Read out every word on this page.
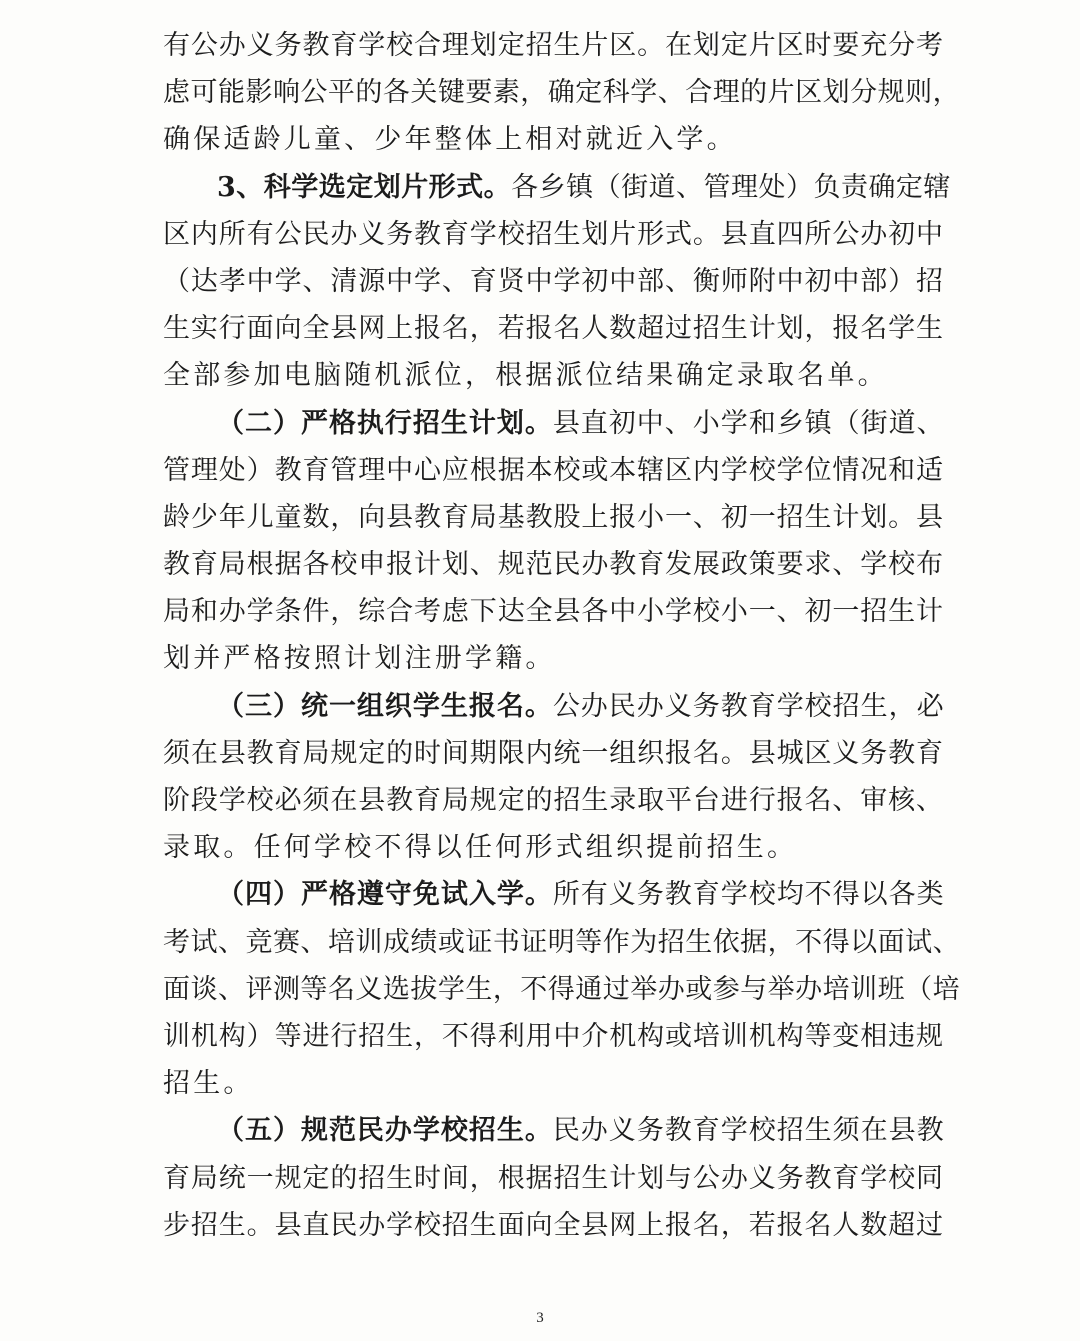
有 公 办 义 务 教 育 学 校 合 理 划 定 招 生 片 区 。 在 划 定 片 区 时 要 充 分 考
虑 可 能 影 响 公 平 的 各 关 键 要 素 ， 确 定 科 学 、 合 理 的 片 区 划 分 规 则 ，
确保适龄儿童、少年整体上相对就近入学。
3 、 科 学 选 定 划 片 形 式 。 各 乡 镇 （ 街 道 、 管 理 处 ） 负 责 确 定 辖
区 内 所 有 公 民 办 义 务 教 育 学 校 招 生 划 片 形 式 。 县 直 四 所 公 办 初 中
（ 达 孝 中 学 、 清 源 中 学 、 育 贤 中 学 初 中 部 、 衡 师 附 中 初 中 部 ） 招
生 实 行 面 向 全 县 网 上 报 名 ， 若 报 名 人 数 超 过 招 生 计 划 ， 报 名 学 生
全部参加电脑随机派位，根据派位结果确定录取名单。
（ 二 ） 严 格 执 行 招 生 计 划 。 县 直 初 中 、 小 学 和 乡 镇 （ 街 道 、
管 理 处 ） 教 育 管 理 中 心 应 根 据 本 校 或 本 辖 区 内 学 校 学 位 情 况 和 适
龄 少 年 儿 童 数 ， 向 县 教 育 局 基 教 股 上 报 小 一 、 初 一 招 生 计 划 。 县
教 育 局 根 据 各 校 申 报 计 划 、 规 范 民 办 教 育 发 展 政 策 要 求 、 学 校 布
局 和 办 学 条 件 ， 综 合 考 虑 下 达 全 县 各 中 小 学 校 小 一 、 初 一 招 生 计
划并严格按照计划注册学籍。
（ 三 ） 统 一 组 织 学 生 报 名 。 公 办 民 办 义 务 教 育 学 校 招 生 ， 必
须 在 县 教 育 局 规 定 的 时 间 期 限 内 统 一 组 织 报 名 。 县 城 区 义 务 教 育
阶 段 学 校 必 须 在 县 教 育 局 规 定 的 招 生 录 取 平 台 进 行 报 名 、 审 核 、
录取。任何学校不得以任何形式组织提前招生。
（ 四 ） 严 格 遵 守 免 试 入 学 。 所 有 义 务 教 育 学 校 均 不 得 以 各 类
考 试 、 竞 赛 、 培 训 成 绩 或 证 书 证 明 等 作 为 招 生 依 据 ， 不 得 以 面 试 、
面 谈 、 评 测 等 名 义 选 拔 学 生 ， 不 得 通 过 举 办 或 参 与 举 办 培 训 班 （ 培
训 机 构 ） 等 进 行 招 生 ， 不 得 利 用 中 介 机 构 或 培 训 机 构 等 变 相 违 规
招生。
（ 五 ） 规 范 民 办 学 校 招 生 。 民 办 义 务 教 育 学 校 招 生 须 在 县 教
育 局 统 一 规 定 的 招 生 时 间 ， 根 据 招 生 计 划 与 公 办 义 务 教 育 学 校 同
步 招 生 。 县 直 民 办 学 校 招 生 面 向 全 县 网 上 报 名 ， 若 报 名 人 数 超 过
3
